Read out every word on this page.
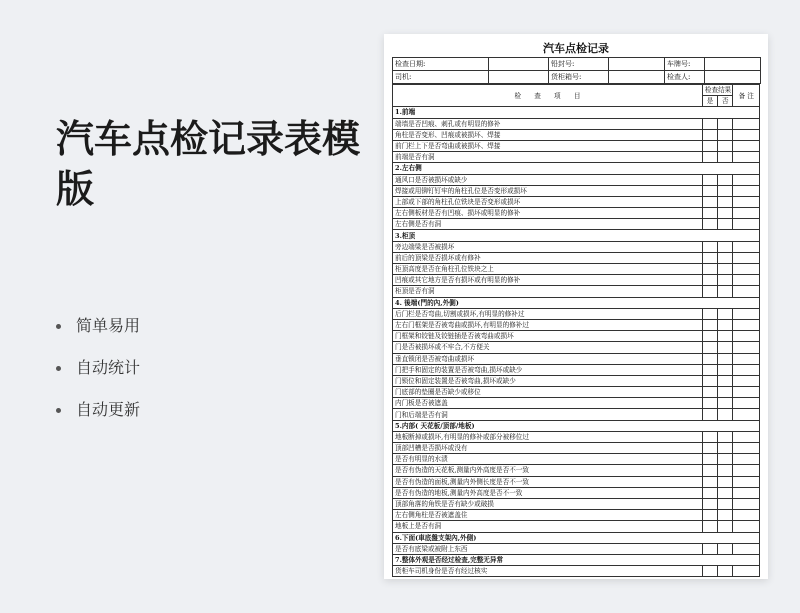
汽车点检记录表模版
简单易用
自动统计
自动更新
汽车点检记录
检查日期:		铅封号:		车牌号:	
司机:		货柜箱号:		检查人:	
检　　查　　项　　目	检查结果		备 注
	是	否	
1.前端			
端墙是否凹痕、刺孔或有明显的修补			
角柱是否变形、凹痕或被损坏、焊接			
前门栏上下是否弯曲或被损坏、焊接			
前端是否有洞			
2.左右侧			
通风口是否被损坏或缺少			
焊接或用铆钉钉牢的角柱孔位是否变形或损坏			
上部或下部的角柱孔位铁块是否变形或损坏			
左右侧板材是否有凹痕、损坏或明显的修补			
左右侧是否有洞			
3.柜顶			
旁边端梁是否被损坏			
前后的顶梁是否损坏或有修补			
柜顶高度是否在角柱孔位铁块之上			
凹痕或其它地方是否有损坏或有明显的修补			
柜顶是否有洞			
4. 後端(門的內,外側)			
后门栏是否弯曲,切割或损坏,有明显的修补过			
左右门框架是否被弯曲或损坏,有明显的修补过			
门框架和铰链及铰链插是否被弯曲或损坏			
门是否被损坏或不牢合,不方便关			
垂直锁闭是否被弯曲或损坏			
门把手和固定的装置是否被弯曲,损坏或缺少			
门锁位和固定装置是否被弯曲,损坏或缺少			
门底部的垫圈是否缺少或移位			
内门板是否被遮盖			
门和后端是否有洞			
5.内部( 天花板/顶部/地板)			
地板断掉或损坏,有明显的修补或部分被移位过			
顶部凹槽是否损坏或没有			
是否有明显的水渍			
是否有伪造的天花板,测量内外高度是否不一致			
是否有伪造的面板,测量内外侧长度是否不一致			
是否有伪造的地板,测量内外高度是否不一致			
顶部角落的角铁是否有缺少或破损			
左右侧角柱是否被遮盖住			
地板上是否有洞			
6.下面(車底盤支架內,外側)			
是否有底梁或被附上东西			
7.整体外观是否经过检查,完整无异常			
货柜车司机身份是否有经过核实			
